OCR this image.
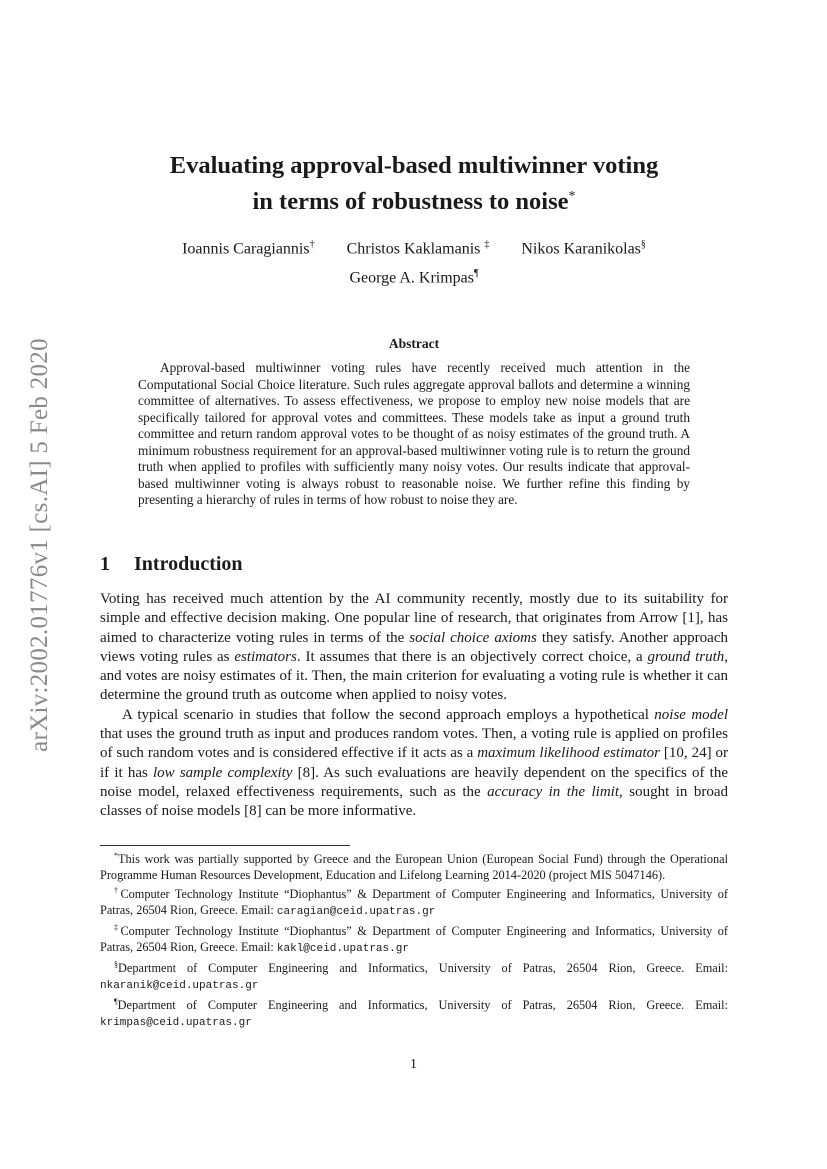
arXiv:2002.01776v1 [cs.AI] 5 Feb 2020
Evaluating approval-based multiwinner voting
in terms of robustness to noise*
Ioannis Caragiannis† Christos Kaklamanis ‡ Nikos Karanikolas§
George A. Krimpas¶
Abstract
Approval-based multiwinner voting rules have recently received much attention in the Computational Social Choice literature. Such rules aggregate approval ballots and determine a winning committee of alternatives. To assess effectiveness, we propose to employ new noise models that are specifically tailored for approval votes and committees. These models take as input a ground truth committee and return random approval votes to be thought of as noisy estimates of the ground truth. A minimum robustness requirement for an approval-based multiwinner voting rule is to return the ground truth when applied to profiles with sufficiently many noisy votes. Our results indicate that approval-based multiwinner voting is always robust to reasonable noise. We further refine this finding by presenting a hierarchy of rules in terms of how robust to noise they are.
1 Introduction

Voting has received much attention by the AI community recently, mostly due to its suitability for simple and effective decision making. One popular line of research, that originates from Arrow [1], has aimed to characterize voting rules in terms of the social choice axioms they satisfy. Another approach views voting rules as estimators. It assumes that there is an objectively correct choice, a ground truth, and votes are noisy estimates of it. Then, the main criterion for evaluating a voting rule is whether it can determine the ground truth as outcome when applied to noisy votes.

A typical scenario in studies that follow the second approach employs a hypothetical noise model that uses the ground truth as input and produces random votes. Then, a voting rule is applied on profiles of such random votes and is considered effective if it acts as a maximum likelihood estimator [10, 24] or if it has low sample complexity [8]. As such evaluations are heavily dependent on the specifics of the noise model, relaxed effectiveness requirements, such as the accuracy in the limit, sought in broad classes of noise models [8] can be more informative.

*This work was partially supported by Greece and the European Union (European Social Fund) through the Operational Programme Human Resources Development, Education and Lifelong Learning 2014-2020 (project MIS 5047146).

†Computer Technology Institute “Diophantus” & Department of Computer Engineering and Informatics, University of Patras, 26504 Rion, Greece. Email: caragian@ceid.upatras.gr

‡Computer Technology Institute “Diophantus” & Department of Computer Engineering and Informatics, University of Patras, 26504 Rion, Greece. Email: kakl@ceid.upatras.gr

§Department of Computer Engineering and Informatics, University of Patras, 26504 Rion, Greece. Email: nkaranik@ceid.upatras.gr

¶Department of Computer Engineering and Informatics, University of Patras, 26504 Rion, Greece. Email: krimpas@ceid.upatras.gr

1
